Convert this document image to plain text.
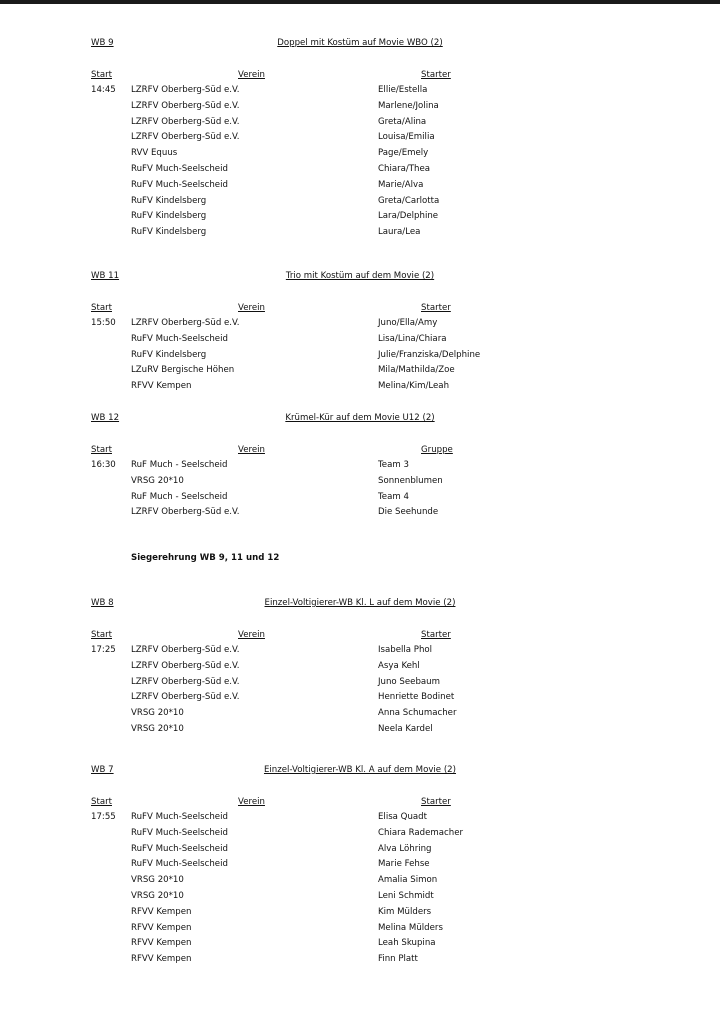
Siegerehrung WB 9, 11 und 12
WB 9	Doppel mit Kostüm auf Movie WBO (2)
Start	Verein	Starter
14:45 LZRFV Oberberg-Süd e.V.	Ellie/Estella
LZRFV Oberberg-Süd e.V.	Marlene/Jolina
LZRFV Oberberg-Süd e.V.	Greta/Alina
LZRFV Oberberg-Süd e.V.	Louisa/Emilia
RVV Equus	Page/Emely
RuFV Much-Seelscheid	Chiara/Thea
RuFV Much-Seelscheid	Marie/Alva
RuFV Kindelsberg	Greta/Carlotta
RuFV Kindelsberg	Lara/Delphine
RuFV Kindelsberg	Laura/Lea
WB 11	Trio mit Kostüm auf dem Movie (2)
Start	Verein	Starter
15:50 LZRFV Oberberg-Süd e.V.	Juno/Ella/Amy
RuFV Much-Seelscheid	Lisa/Lina/Chiara
RuFV Kindelsberg	Julie/Franziska/Delphine
LZuRV Bergische Höhen	Mila/Mathilda/Zoe
RFVV Kempen	Melina/Kim/Leah
WB 12	Krümel-Kür auf dem Movie U12 (2)
Start	Verein	Gruppe
16:30 RuF Much - Seelscheid	Team 3
VRSG 20*10	Sonnenblumen
RuF Much - Seelscheid	Team 4
LZRFV Oberberg-Süd e.V.	Die Seehunde
WB 8	Einzel-Voltigierer-WB Kl. L auf dem Movie (2)
Start	Verein	Starter
17:25 LZRFV Oberberg-Süd e.V.	Isabella Phol
LZRFV Oberberg-Süd e.V.	Asya Kehl
LZRFV Oberberg-Süd e.V.	Juno Seebaum
LZRFV Oberberg-Süd e.V.	Henriette Bodinet
VRSG 20*10	Anna Schumacher
VRSG 20*10	Neela Kardel
WB 7	Einzel-Voltigierer-WB Kl. A auf dem Movie (2)
Start	Verein	Starter
17:55 RuFV Much-Seelscheid	Elisa Quadt
RuFV Much-Seelscheid	Chiara Rademacher
RuFV Much-Seelscheid	Alva Löhring
RuFV Much-Seelscheid	Marie Fehse
VRSG 20*10	Amalia Simon
VRSG 20*10	Leni Schmidt
RFVV Kempen	Kim Mülders
RFVV Kempen	Melina Mülders
RFVV Kempen	Leah Skupina
RFVV Kempen	Finn Platt
